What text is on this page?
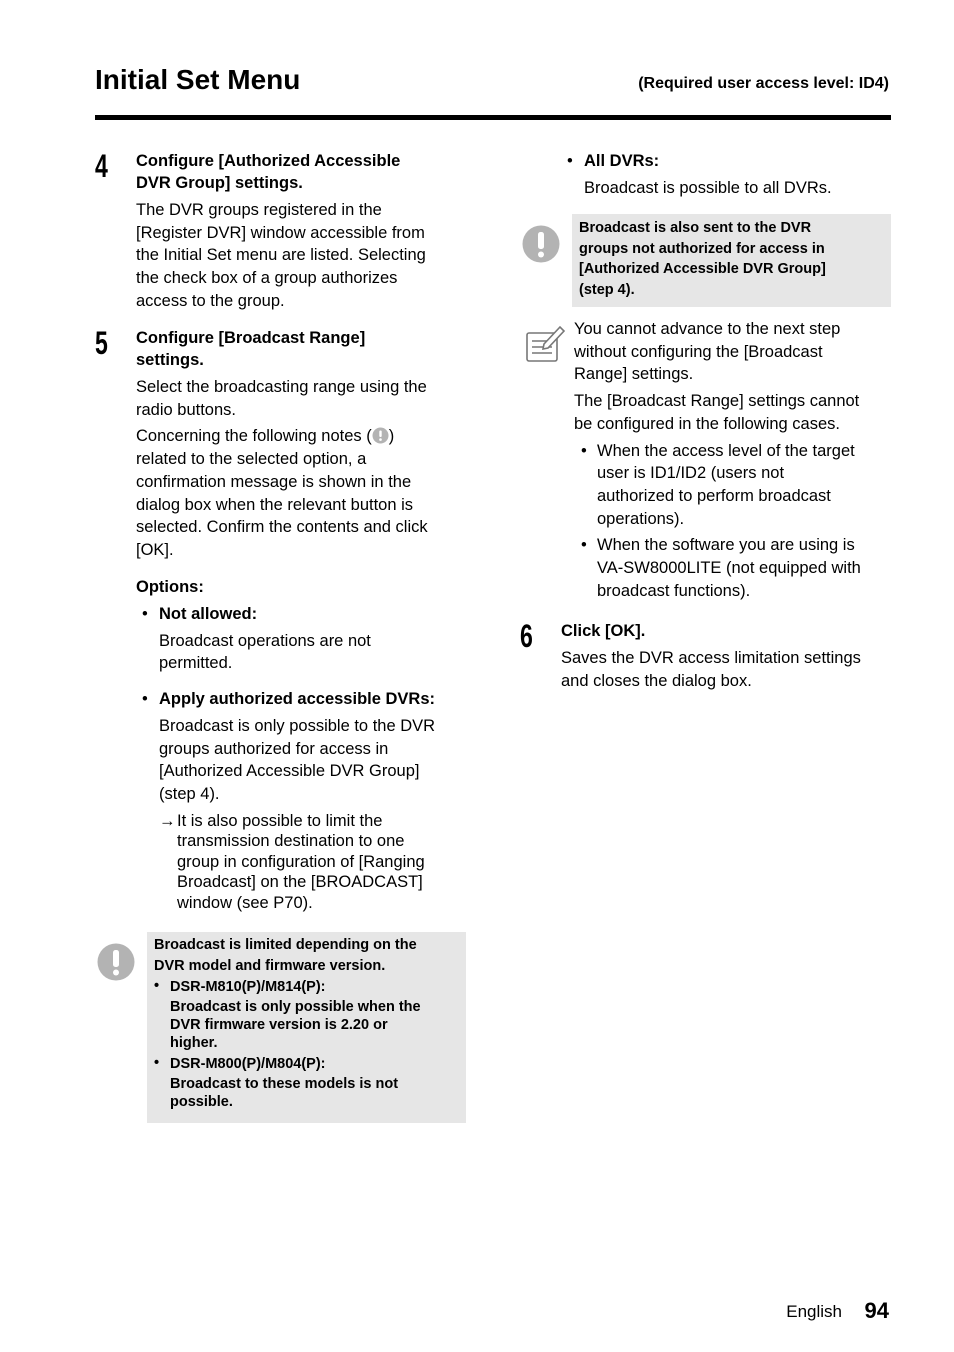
Initial Set Menu	(Required user access level: ID4)
4 Configure [Authorized Accessible
DVR Group] settings.
The DVR groups registered in the
[Register DVR] window accessible from
the Initial Set menu are listed. Selecting
the check box of a group authorizes
access to the group.
5 Configure [Broadcast Range]
settings.
Select the broadcasting range using the
radio buttons.
Concerning the following notes ( )
related to the selected option, a
confirmation message is shown in the
dialog box when the relevant button is
selected. Confirm the contents and click
[OK].
Options:
• Not allowed:
Broadcast operations are not
permitted.
• Apply authorized accessible DVRs:
Broadcast is only possible to the DVR
groups authorized for access in
[Authorized Accessible DVR Group]
(step 4).
→ It is also possible to limit the
transmission destination to one
group in configuration of [Ranging
Broadcast] on the [BROADCAST]
window (see P70).
Broadcast is limited depending on the
DVR model and firmware version.
• DSR-M810(P)/M814(P):
Broadcast is only possible when the
DVR firmware version is 2.20 or
higher.
• DSR-M800(P)/M804(P):
Broadcast to these models is not
possible.
• All DVRs:
Broadcast is possible to all DVRs.
Broadcast is also sent to the DVR
groups not authorized for access in
[Authorized Accessible DVR Group]
(step 4).
You cannot advance to the next step
without configuring the [Broadcast
Range] settings.
The [Broadcast Range] settings cannot
be configured in the following cases.
• When the access level of the target
user is ID1/ID2 (users not
authorized to perform broadcast
operations).
• When the software you are using is
VA-SW8000LITE (not equipped with
broadcast functions).
6 Click [OK].
Saves the DVR access limitation settings
and closes the dialog box.
English 94
